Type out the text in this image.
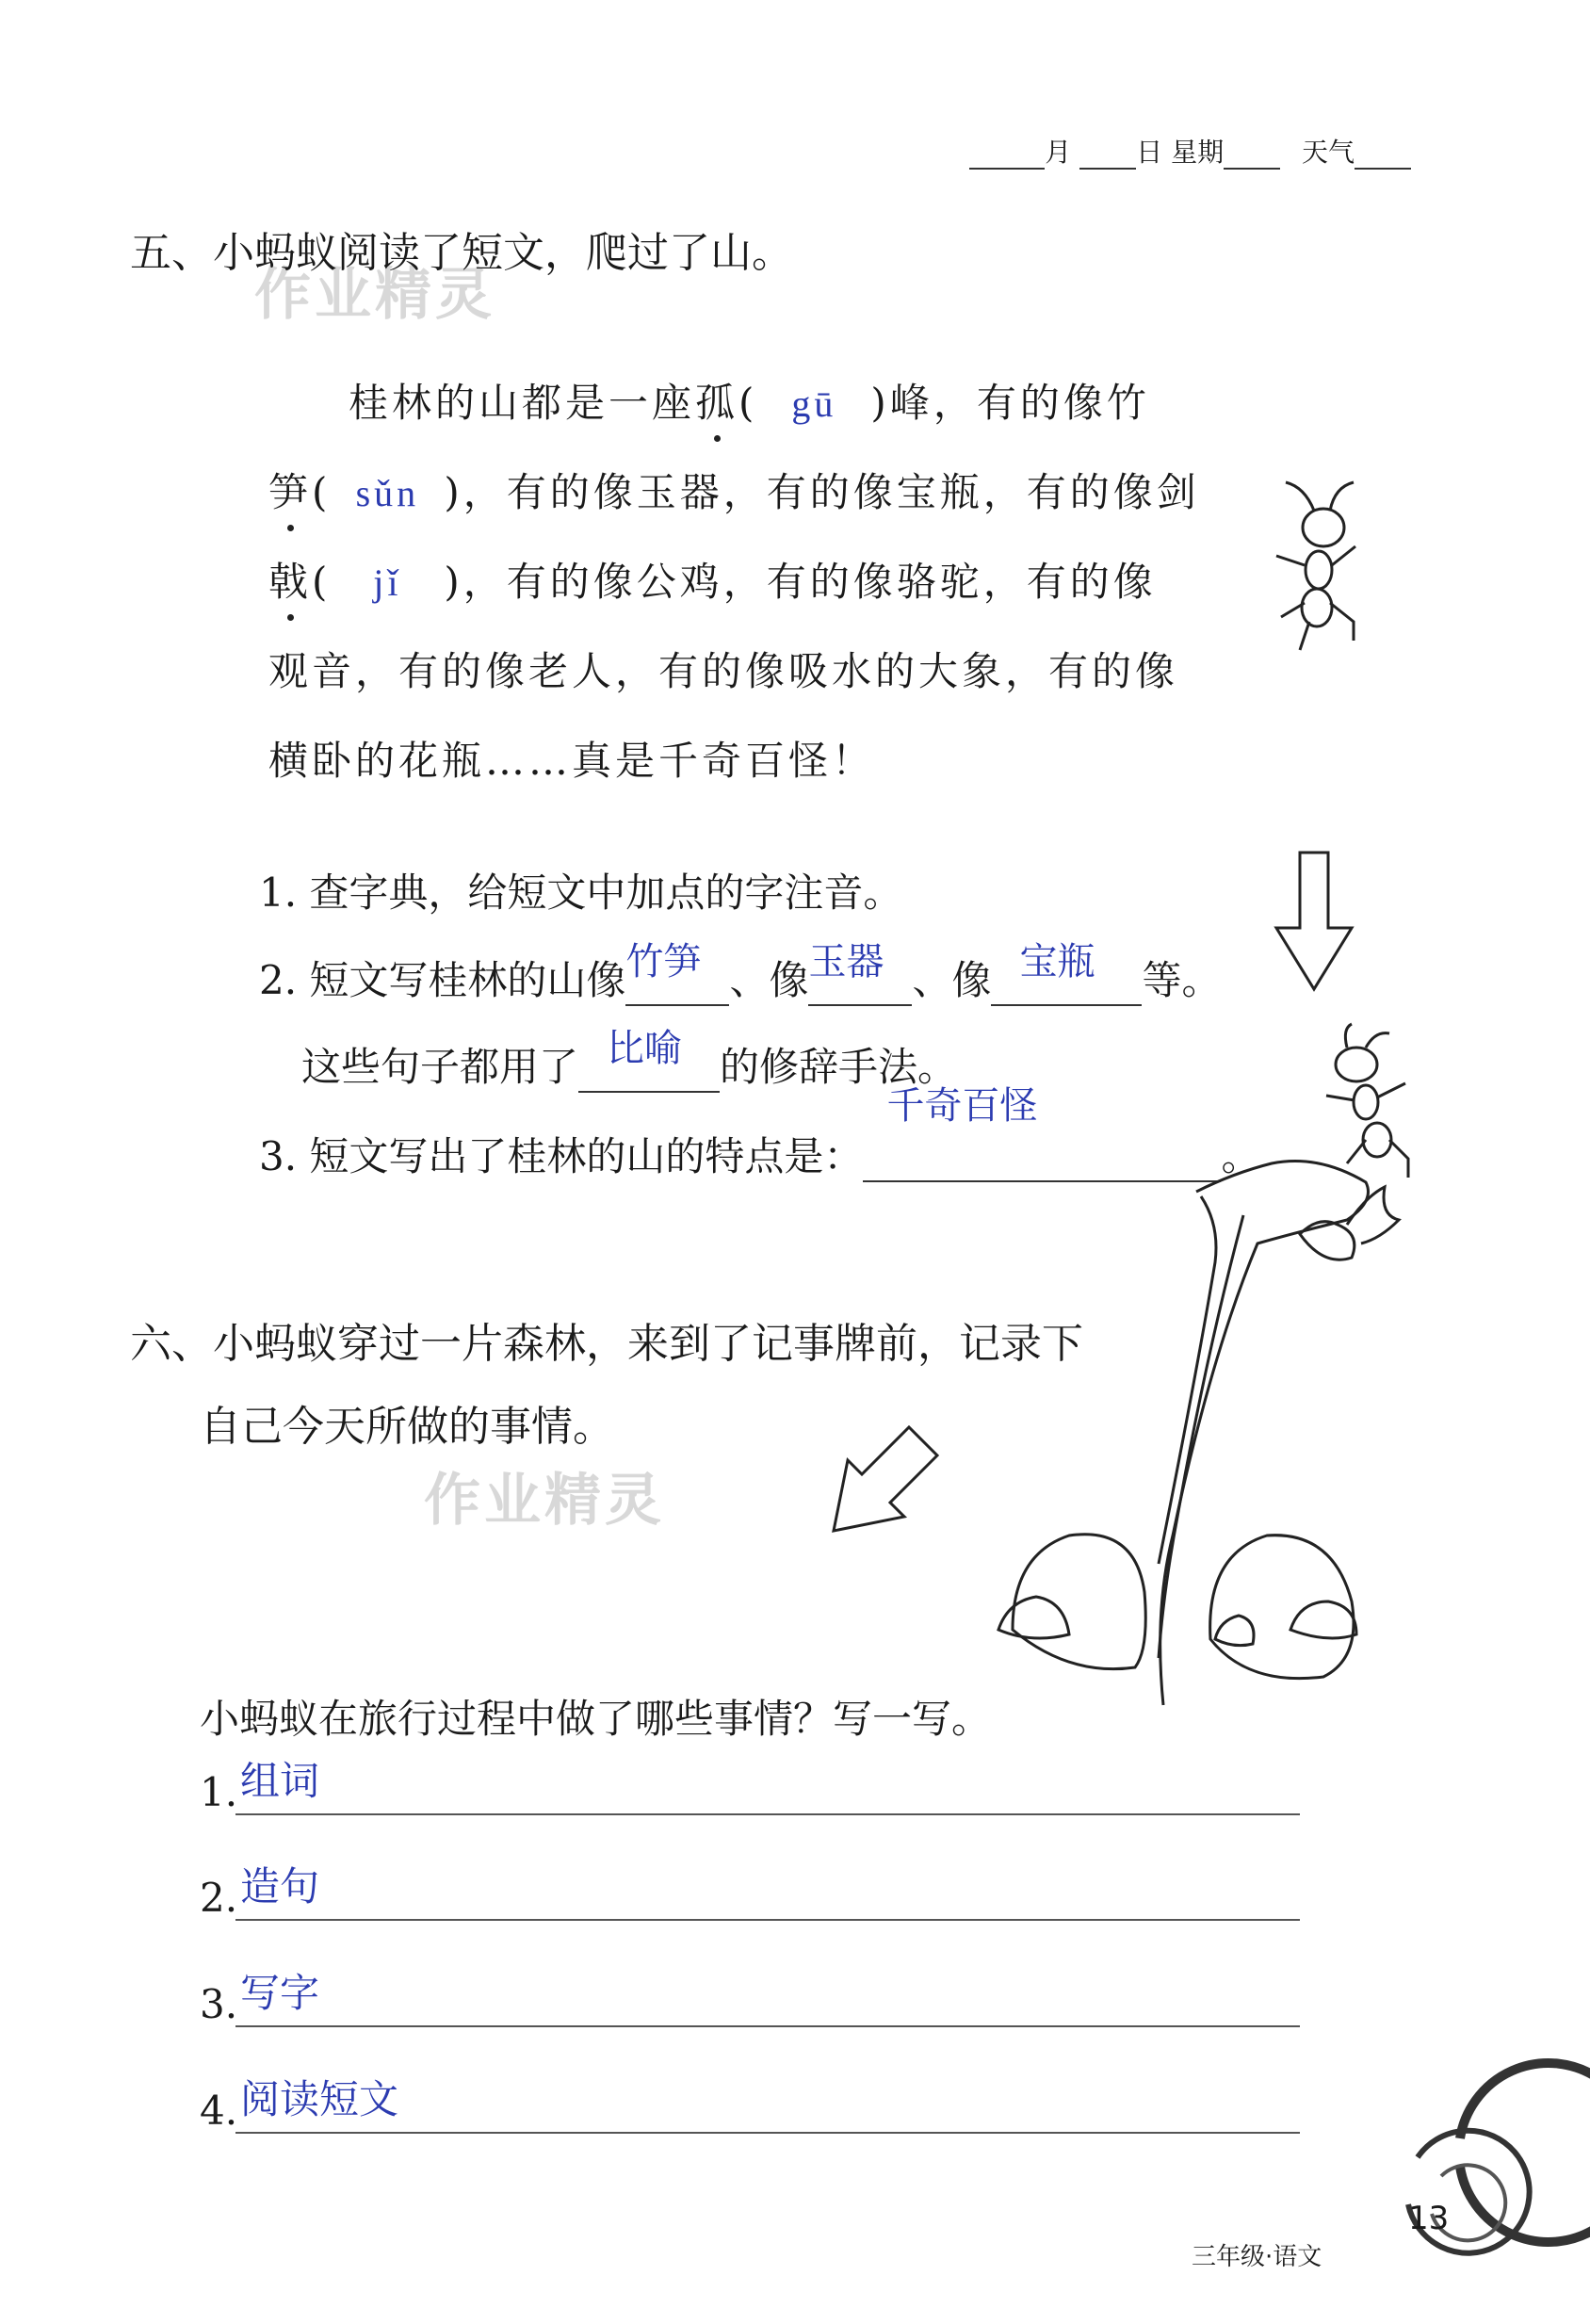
月 日 星期	天气
作业精灵
作业精灵
五、小蚂蚁阅读了短文，爬过了山。
桂林的山都是一座孤( gū )峰，有的像竹
笋( sǔn )，有的像玉器，有的像宝瓶，有的像剑
戟( jǐ )，有的像公鸡，有的像骆驼，有的像
观音，有的像老人，有的像吸水的大象，有的像
横卧的花瓶……真是千奇百怪！
1. 查字典，给短文中加点的字注音。
2. 短文写桂林的山像 竹笋 、像 玉器 、像 宝瓶 等。
这些句子都用了 比喻 的修辞手法。
3. 短文写出了桂林的山的特点是：
千奇百怪
。
六、小蚂蚁穿过一片森林，来到了记事牌前，记录下
自己今天所做的事情。
小蚂蚁在旅行过程中做了哪些事情？写一写。
1. 组词
2. 造句
3. 写字
4. 阅读短文
三年级·语文
13
